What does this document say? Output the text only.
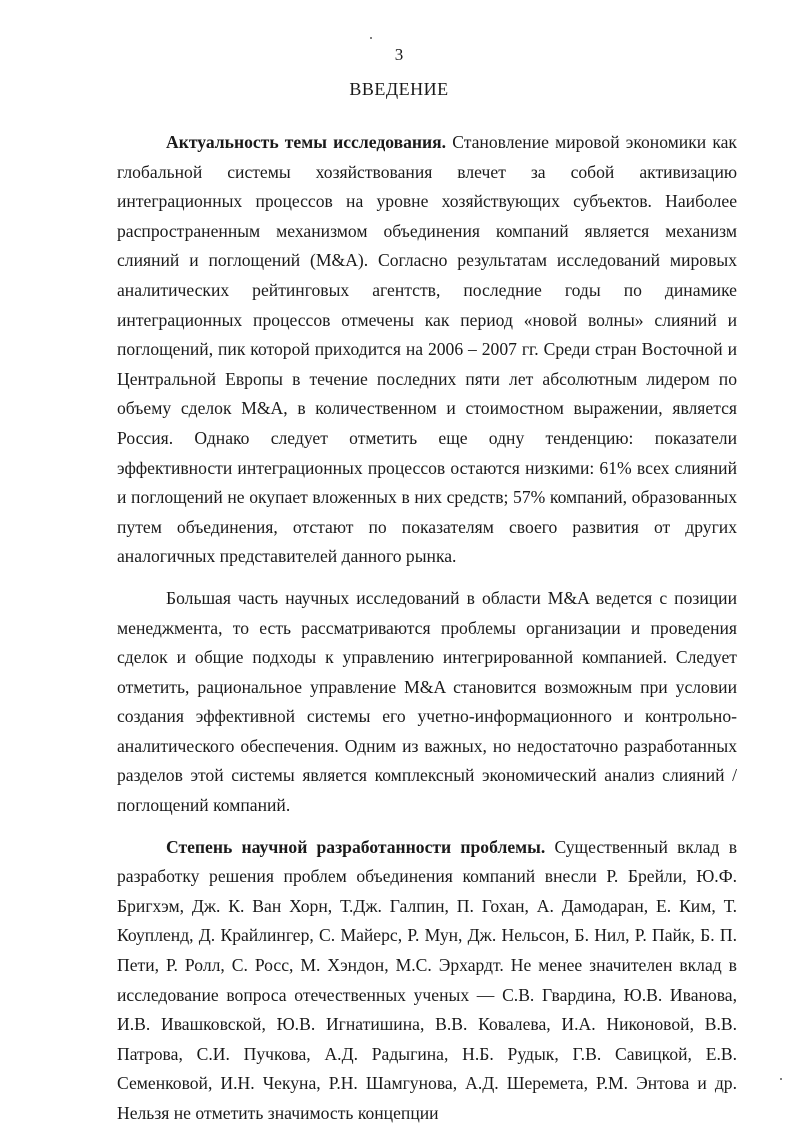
3
ВВЕДЕНИЕ

Актуальность темы исследования. Становление мировой экономики как глобальной системы хозяйствования влечет за собой активизацию интеграционных процессов на уровне хозяйствующих субъектов. Наиболее распространенным механизмом объединения компаний является механизм слияний и поглощений (M&A). Согласно результатам исследований мировых аналитических рейтинговых агентств, последние годы по динамике интеграционных процессов отмечены как период «новой волны» слияний и поглощений, пик которой приходится на 2006 – 2007 гг. Среди стран Восточной и Центральной Европы в течение последних пяти лет абсолютным лидером по объему сделок M&A, в количественном и стоимостном выражении, является Россия. Однако следует отметить еще одну тенденцию: показатели эффективности интеграционных процессов остаются низкими: 61% всех слияний и поглощений не окупает вложенных в них средств; 57% компаний, образованных путем объединения, отстают по показателям своего развития от других аналогичных представителей данного рынка.

Большая часть научных исследований в области M&A ведется с позиции менеджмента, то есть рассматриваются проблемы организации и проведения сделок и общие подходы к управлению интегрированной компанией. Следует отметить, рациональное управление M&A становится возможным при условии создания эффективной системы его учетно-информационного и контрольно-аналитического обеспечения. Одним из важных, но недостаточно разработанных разделов этой системы является комплексный экономический анализ слияний / поглощений компаний.

Степень научной разработанности проблемы. Существенный вклад в разработку решения проблем объединения компаний внесли Р. Брейли, Ю.Ф. Бригхэм, Дж. К. Ван Хорн, Т.Дж. Галпин, П. Гохан, А. Дамодаран, Е. Ким, Т. Коупленд, Д. Крайлингер, С. Майерс, Р. Мун, Дж. Нельсон, Б. Нил, Р. Пайк, Б. П. Пети, Р. Ролл, С. Росс, М. Хэндон, М.С. Эрхардт. Не менее значителен вклад в исследование вопроса отечественных ученых — С.В. Гвардина, Ю.В. Иванова, И.В. Ивашковской, Ю.В. Игнатишина, В.В. Ковалева, И.А. Никоновой, В.В. Патрова, С.И. Пучкова, А.Д. Радыгина, Н.Б. Рудык, Г.В. Савицкой, Е.В. Семенковой, И.Н. Чекуна, Р.Н. Шамгунова, А.Д. Шеремета, Р.М. Энтова и др. Нельзя не отметить значимость концепции
